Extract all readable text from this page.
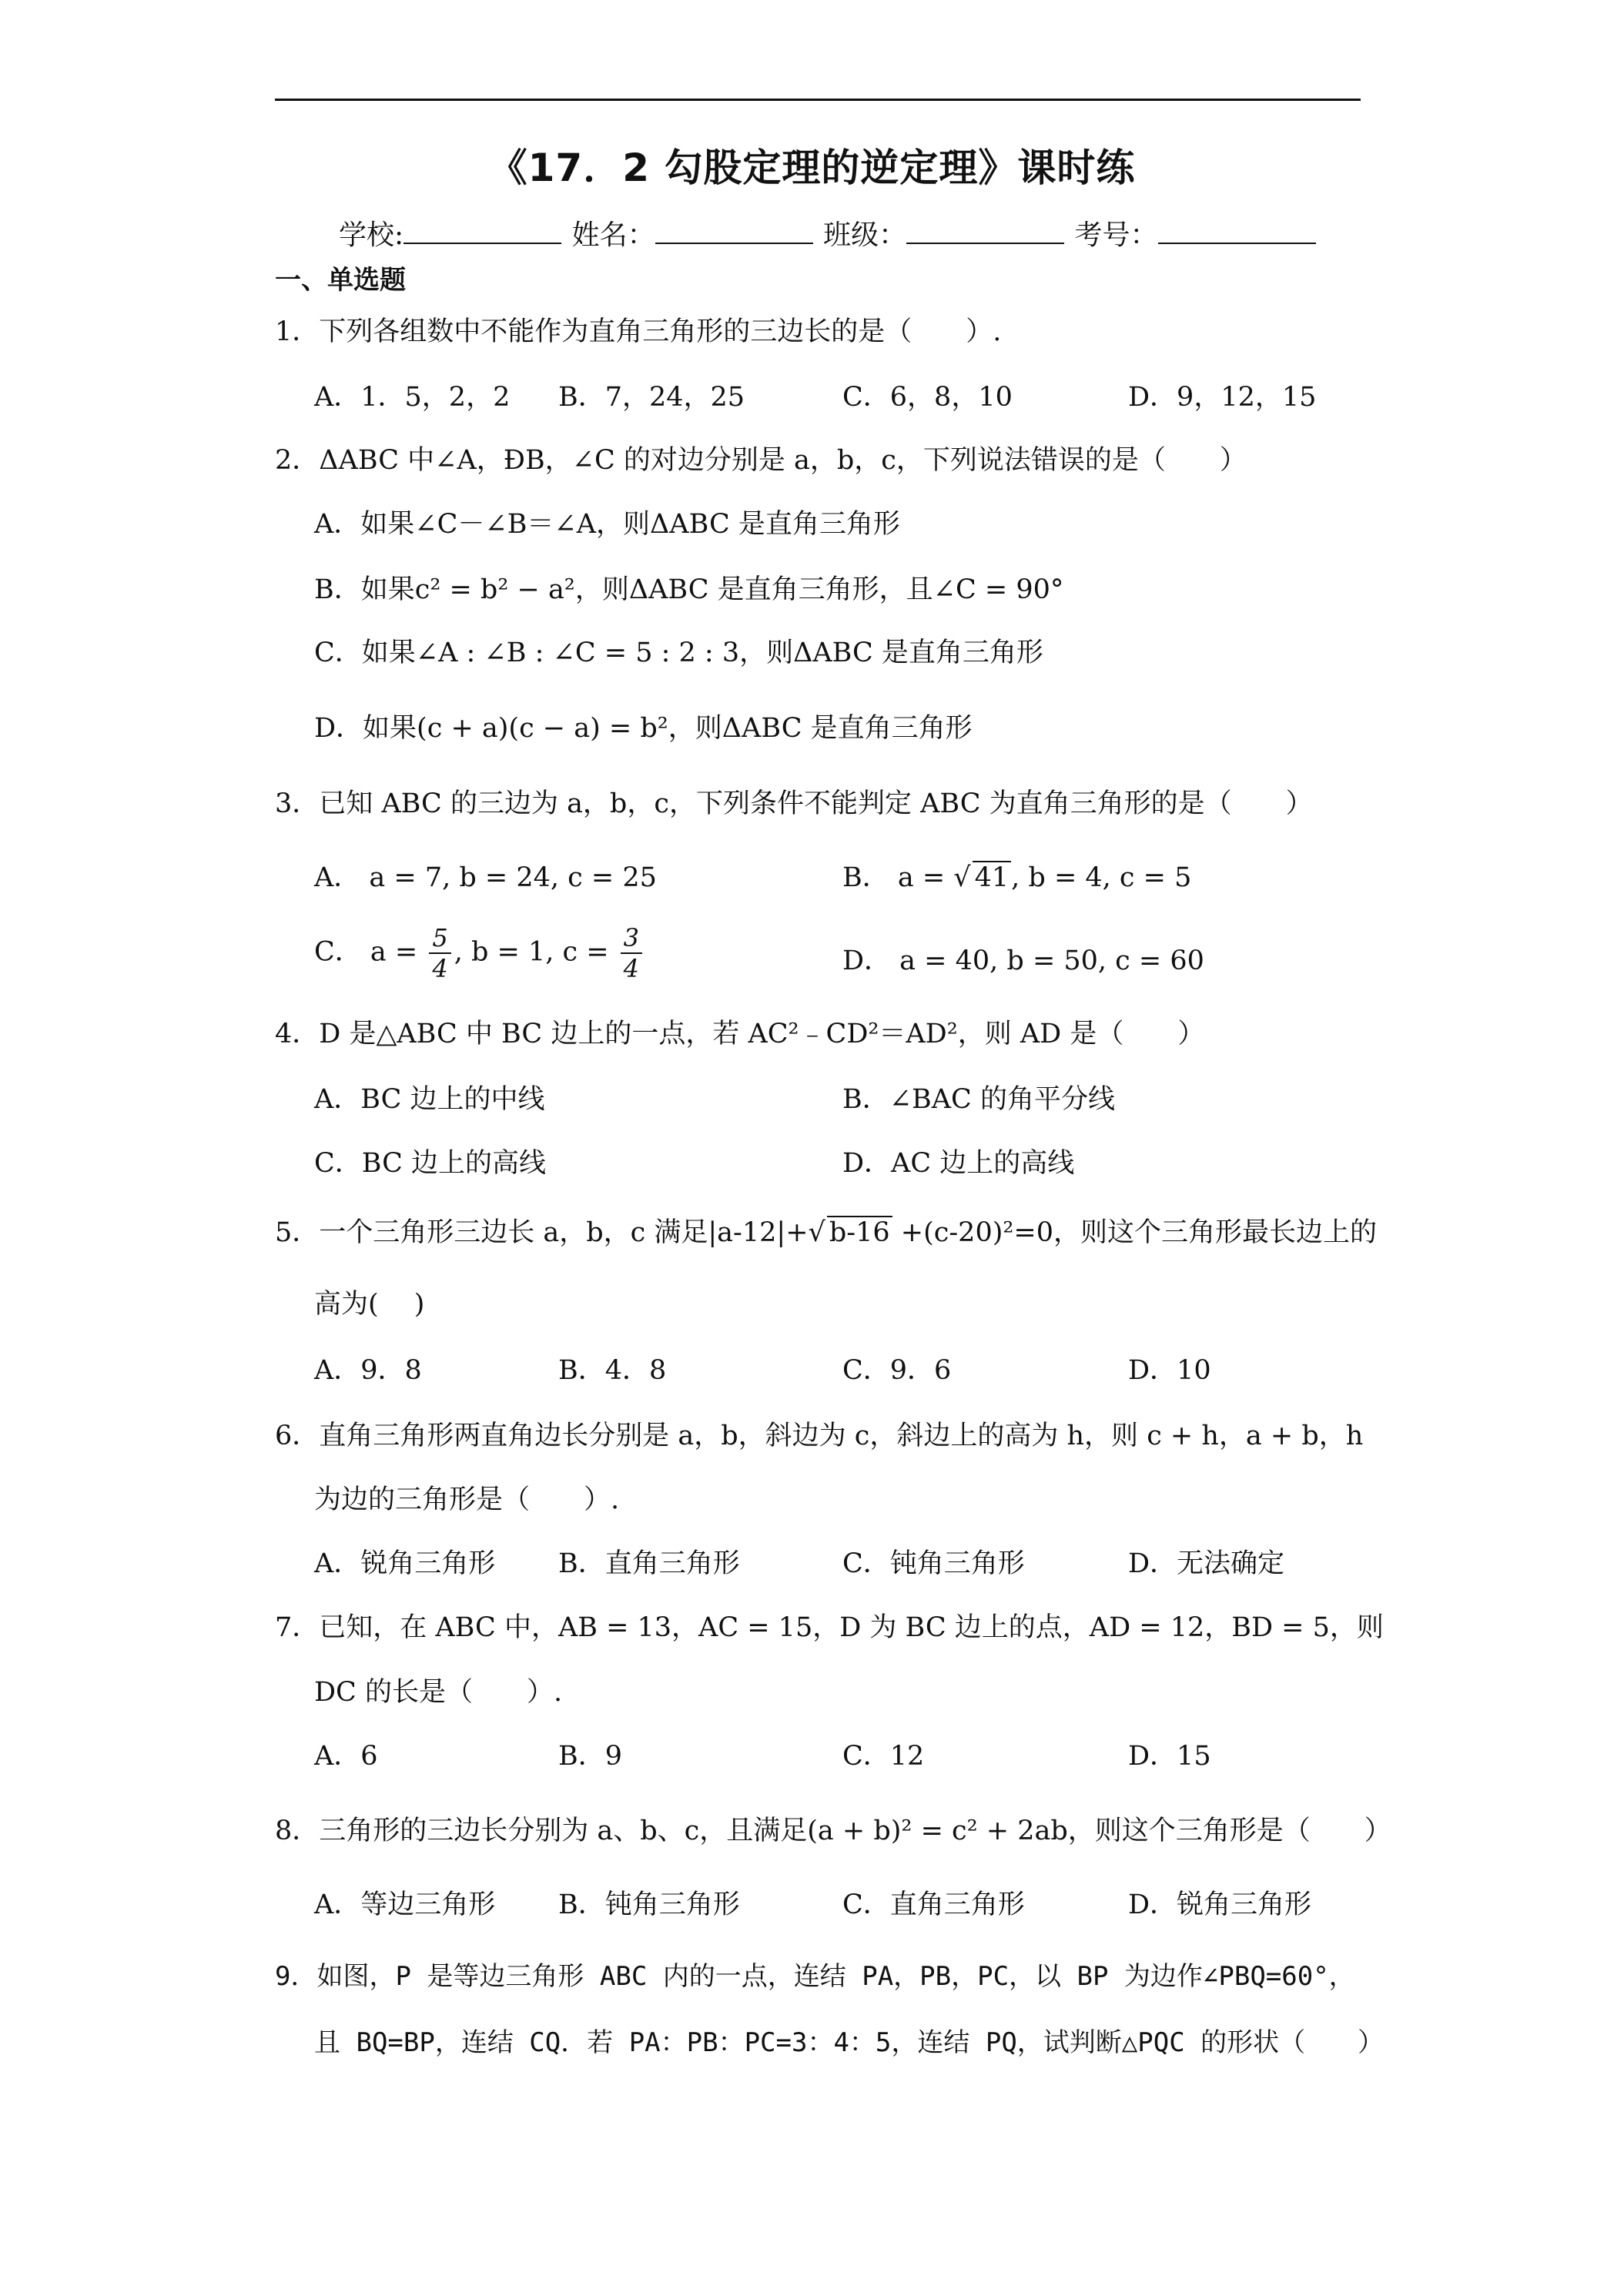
《17．2 勾股定理的逆定理》课时练
学校:	姓名：	班级：	考号：
一、单选题
1．下列各组数中不能作为直角三角形的三边长的是（　　）.
A．1．5，2，2 B．7，24，25	C．6，8，10	D．9，12，15
2．ΔABC 中∠A，ÐB，∠C 的对边分别是 a，b，c，下列说法错误的是（　　）
A．如果∠C－∠B＝∠A，则ΔABC 是直角三角形
B．如果c² = b² − a²，则ΔABC 是直角三角形，且∠C = 90°
C．如果∠A : ∠B : ∠C = 5 : 2 : 3，则ΔABC 是直角三角形
D．如果(c + a)(c − a) = b²，则ΔABC 是直角三角形
3．已知 ABC 的三边为 a，b，c，下列条件不能判定 ABC 为直角三角形的是（　　）
A． a = 7, b = 24, c = 25	B． a = √ 41, b = 4, c = 5
C． $a = \frac{5}{4}$ , b = 1, $c = \frac{3}{4}$	D． a = 40, b = 50, c = 60
4．D 是△ABC 中 BC 边上的一点，若 AC²﹣CD²＝AD²，则 AD 是（　　）
A．BC 边上的中线	B．∠BAC 的角平分线
C．BC 边上的高线	D．AC 边上的高线
5．一个三角形三边长 a，b，c 满足|a-12|+√ b-16 +(c-20)²=0，则这个三角形最长边上的
高为(　 )
A．9．8	B．4．8	C．9．6	D．10
6．直角三角形两直角边长分别是 a，b，斜边为 c，斜边上的高为 h，则 c + h，a + b，h
为边的三角形是（　　）.
A．锐角三角形 B．直角三角形	C．钝角三角形	D．无法确定
7．已知，在 ABC 中，AB = 13，AC = 15，D 为 BC 边上的点，AD = 12，BD = 5，则
DC 的长是（　　）.
A．6	B．9	C．12	D．15
8．三角形的三边长分别为 a、b、c，且满足(a + b)² = c² + 2ab，则这个三角形是（　　）
A．等边三角形 B．钝角三角形	C．直角三角形	D．锐角三角形
9．如图，P 是等边三角形 ABC 内的一点，连结 PA，PB，PC，以 BP 为边作∠PBQ=60°，
且 BQ=BP，连结 CQ．若 PA：PB：PC=3：4：5，连结 PQ，试判断△PQC 的形状（　　）
